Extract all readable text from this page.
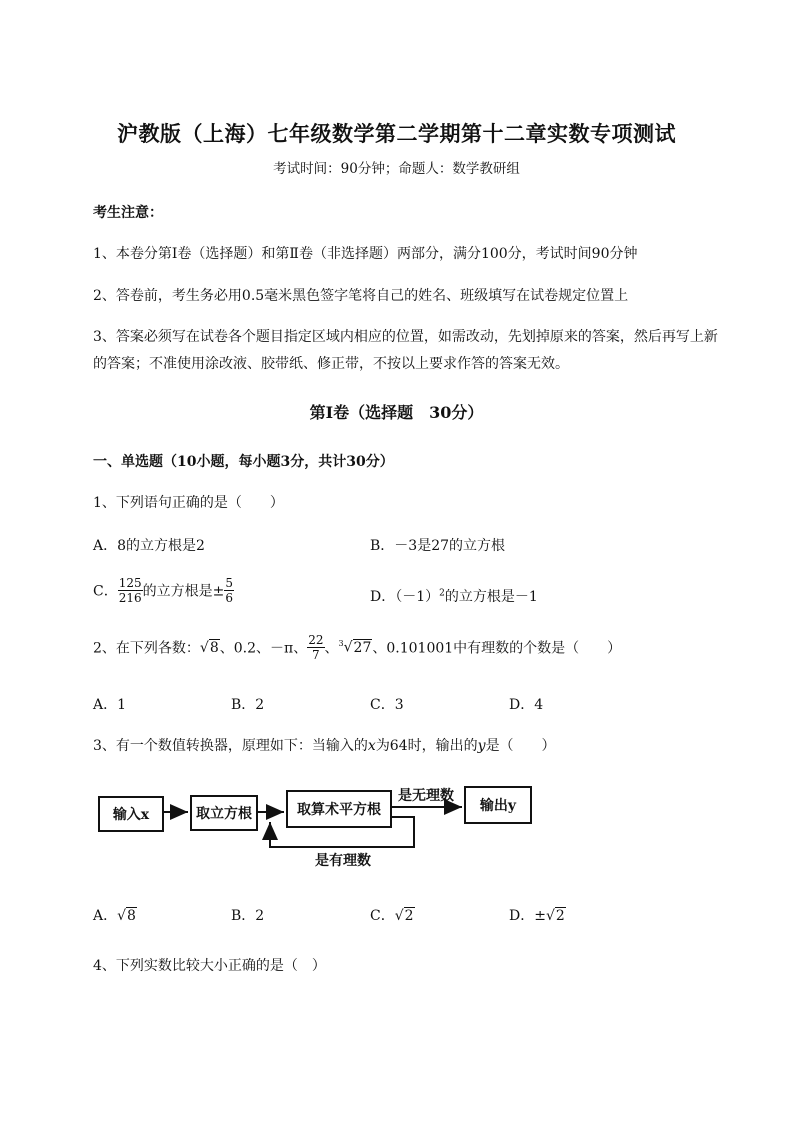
沪教版（上海）七年级数学第二学期第十二章实数专项测试
考试时间：90分钟；命题人：数学教研组
考生注意：
1、本卷分第Ⅰ卷（选择题）和第Ⅱ卷（非选择题）两部分，满分100分，考试时间90分钟
2、答卷前，考生务必用0.5毫米黑色签字笔将自己的姓名、班级填写在试卷规定位置上
3、答案必须写在试卷各个题目指定区域内相应的位置，如需改动，先划掉原来的答案，然后再写上新
的答案；不准使用涂改液、胶带纸、修正带，不按以上要求作答的答案无效。
第Ⅰ卷（选择题　30分）
一、单选题（10小题，每小题3分，共计30分）
1、下列语句正确的是（　　）
A．8的立方根是2	B．－3是27的立方根
C． $\frac{125}{216}$ 的立方根是± $\frac{5}{6}$	D．$(-1)^2$的立方根是－1
2、在下列各数：√8、0.2、－π、 $\frac{22}{7}$ 、$^3$√27、0.101001中有理数的个数是（　　）
A．1	B．2	C．3	D．4
3、有一个数值转换器，原理如下：当输入的x为64时，输出的y是（　　）
输入x	取立方根	取算术平方根	输出y
是无理数
是有理数
A．√8	B．2	C．√2	D．±√2
4、下列实数比较大小正确的是（　）
